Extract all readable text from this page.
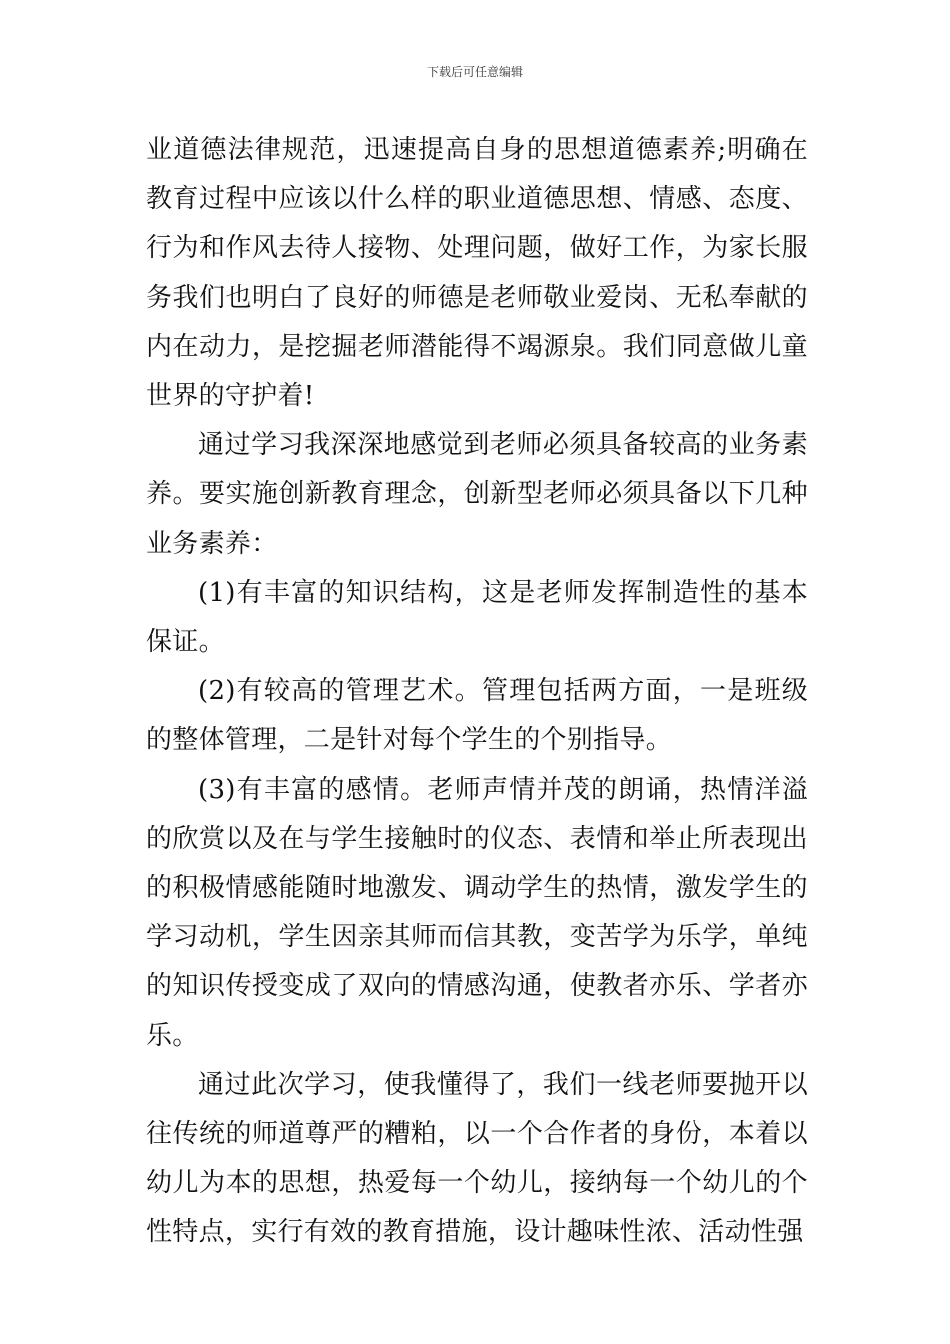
下载后可任意编辑

业道德法律规范，迅速提高自身的思想道德素养;明确在教育过程中应该以什么样的职业道德思想、情感、态度、行为和作风去待人接物、处理问题，做好工作，为家长服务我们也明白了良好的师德是老师敬业爱岗、无私奉献的内在动力，是挖掘老师潜能得不竭源泉。我们同意做儿童世界的守护着!

通过学习我深深地感觉到老师必须具备较高的业务素养。要实施创新教育理念，创新型老师必须具备以下几种业务素养：

(1)有丰富的知识结构，这是老师发挥制造性的基本保证。

(2)有较高的管理艺术。管理包括两方面，一是班级的整体管理，二是针对每个学生的个别指导。

(3)有丰富的感情。老师声情并茂的朗诵，热情洋溢的欣赏以及在与学生接触时的仪态、表情和举止所表现出的积极情感能随时地激发、调动学生的热情，激发学生的学习动机，学生因亲其师而信其教，变苦学为乐学，单纯的知识传授变成了双向的情感沟通，使教者亦乐、学者亦乐。

通过此次学习，使我懂得了，我们一线老师要抛开以往传统的师道尊严的糟粕，以一个合作者的身份，本着以幼儿为本的思想，热爱每一个幼儿，接纳每一个幼儿的个性特点，实行有效的教育措施，设计趣味性浓、活动性强
